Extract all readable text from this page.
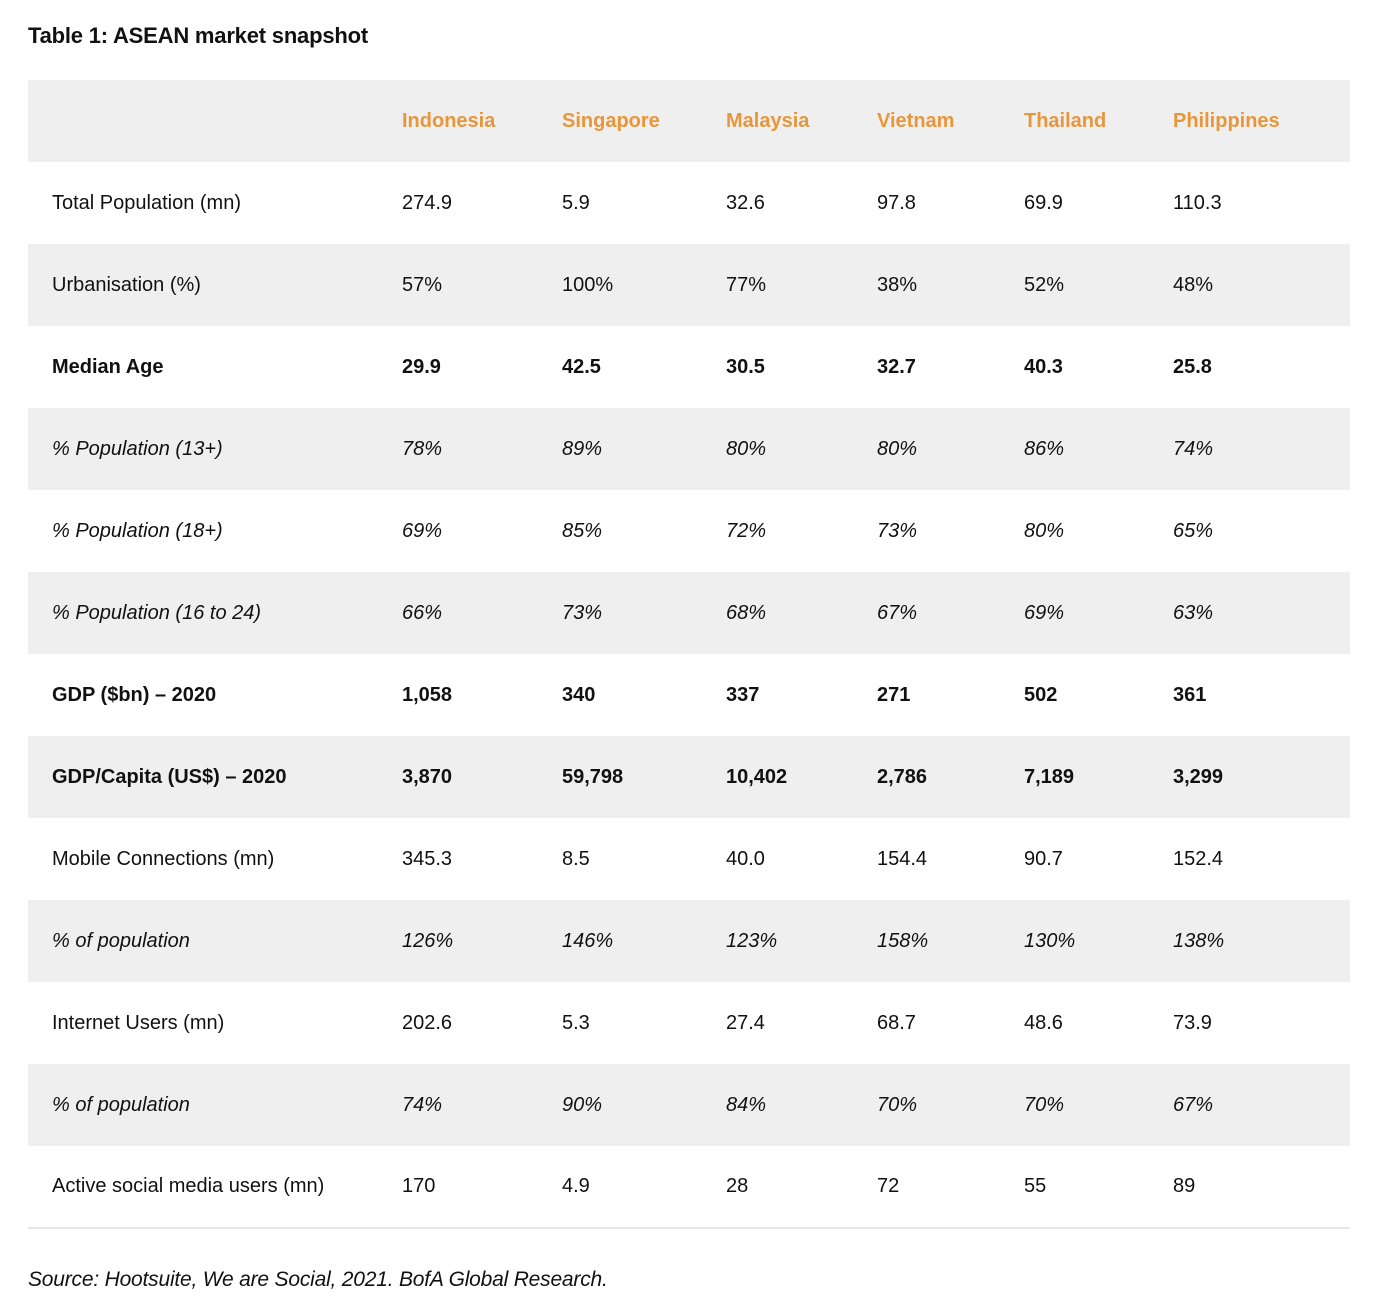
Table 1: ASEAN market snapshot
	Indonesia	Singapore	Malaysia	Vietnam	Thailand	Philippines
Total Population (mn)	274.9	5.9	32.6	97.8	69.9	110.3
Urbanisation (%)	57%	100%	77%	38%	52%	48%
Median Age	29.9	42.5	30.5	32.7	40.3	25.8
% Population (13+)	78%	89%	80%	80%	86%	74%
% Population (18+)	69%	85%	72%	73%	80%	65%
% Population (16 to 24)	66%	73%	68%	67%	69%	63%
GDP ($bn) – 2020	1,058	340	337	271	502	361
GDP/Capita (US$) – 2020	3,870	59,798	10,402	2,786	7,189	3,299
Mobile Connections (mn)	345.3	8.5	40.0	154.4	90.7	152.4
% of population	126%	146%	123%	158%	130%	138%
Internet Users (mn)	202.6	5.3	27.4	68.7	48.6	73.9
% of population	74%	90%	84%	70%	70%	67%
Active social media users (mn)	170	4.9	28	72	55	89
Source: Hootsuite, We are Social, 2021. BofA Global Research.
